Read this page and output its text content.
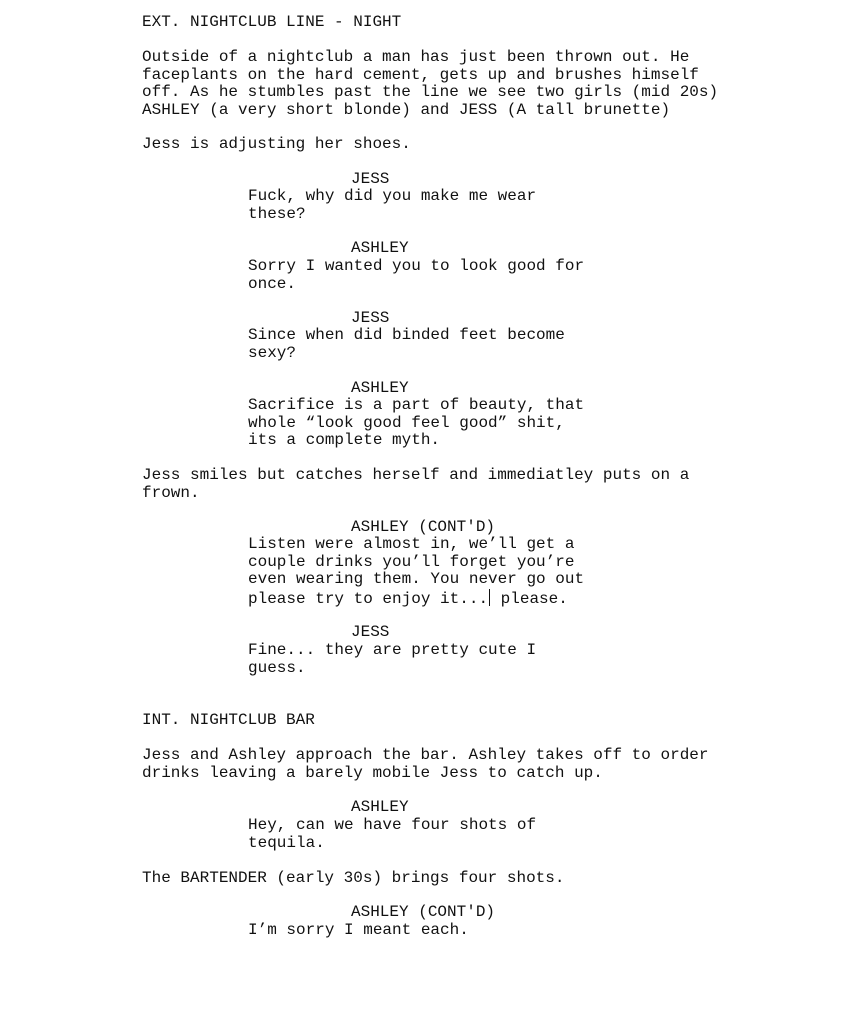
EXT. NIGHTCLUB LINE - NIGHT
Outside of a nightclub a man has just been thrown out. He
faceplants on the hard cement, gets up and brushes himself
off. As he stumbles past the line we see two girls (mid 20s)
ASHLEY (a very short blonde) and JESS (A tall brunette)
Jess is adjusting her shoes.
JESS
Fuck, why did you make me wear
these?
ASHLEY
Sorry I wanted you to look good for
once.
JESS
Since when did binded feet become
sexy?
ASHLEY
Sacrifice is a part of beauty, that
whole “look good feel good” shit,
its a complete myth.
Jess smiles but catches herself and immediatley puts on a
frown.
ASHLEY (CONT'D)
Listen were almost in, we’ll get a
couple drinks you’ll forget you’re
even wearing them. You never go out
please try to enjoy it... please.
JESS
Fine... they are pretty cute I
guess.
INT. NIGHTCLUB BAR
Jess and Ashley approach the bar. Ashley takes off to order
drinks leaving a barely mobile Jess to catch up.
ASHLEY
Hey, can we have four shots of
tequila.
The BARTENDER (early 30s) brings four shots.
ASHLEY (CONT'D)
I’m sorry I meant each.
